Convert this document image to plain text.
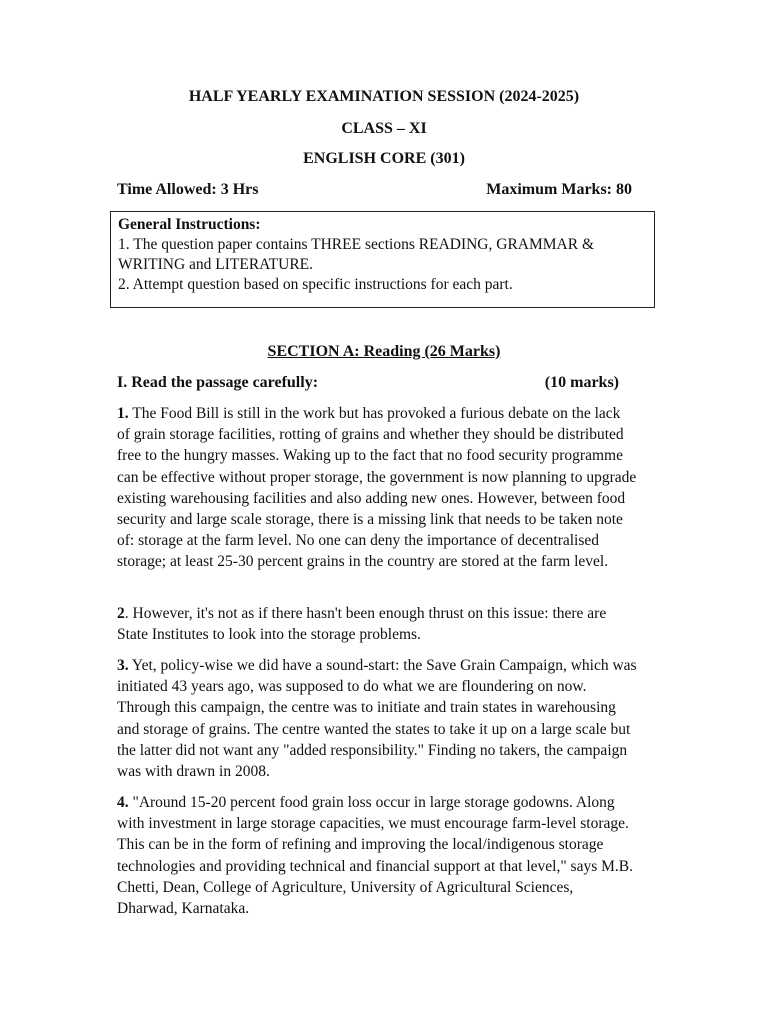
HALF YEARLY EXAMINATION SESSION (2024-2025)
CLASS – XI
ENGLISH CORE (301)
Time Allowed: 3 Hrs	Maximum Marks: 80
General Instructions:
1. The question paper contains THREE sections READING, GRAMMAR & WRITING and LITERATURE.
2. Attempt question based on specific instructions for each part.
SECTION A: Reading (26 Marks)
I. Read the passage carefully:	(10 marks)

1. The Food Bill is still in the work but has provoked a furious debate on the lack of grain storage facilities, rotting of grains and whether they should be distributed free to the hungry masses. Waking up to the fact that no food security programme can be effective without proper storage, the government is now planning to upgrade existing warehousing facilities and also adding new ones. However, between food security and large scale storage, there is a missing link that needs to be taken note of: storage at the farm level. No one can deny the importance of decentralised storage; at least 25-30 percent grains in the country are stored at the farm level.

2. However, it's not as if there hasn't been enough thrust on this issue: there are State Institutes to look into the storage problems.

3. Yet, policy-wise we did have a sound-start: the Save Grain Campaign, which was initiated 43 years ago, was supposed to do what we are floundering on now. Through this campaign, the centre was to initiate and train states in warehousing and storage of grains. The centre wanted the states to take it up on a large scale but the latter did not want any "added responsibility." Finding no takers, the campaign was with drawn in 2008.

4. "Around 15-20 percent food grain loss occur in large storage godowns. Along with investment in large storage capacities, we must encourage farm-level storage. This can be in the form of refining and improving the local/indigenous storage technologies and providing technical and financial support at that level," says M.B. Chetti, Dean, College of Agriculture, University of Agricultural Sciences, Dharwad, Karnataka.
